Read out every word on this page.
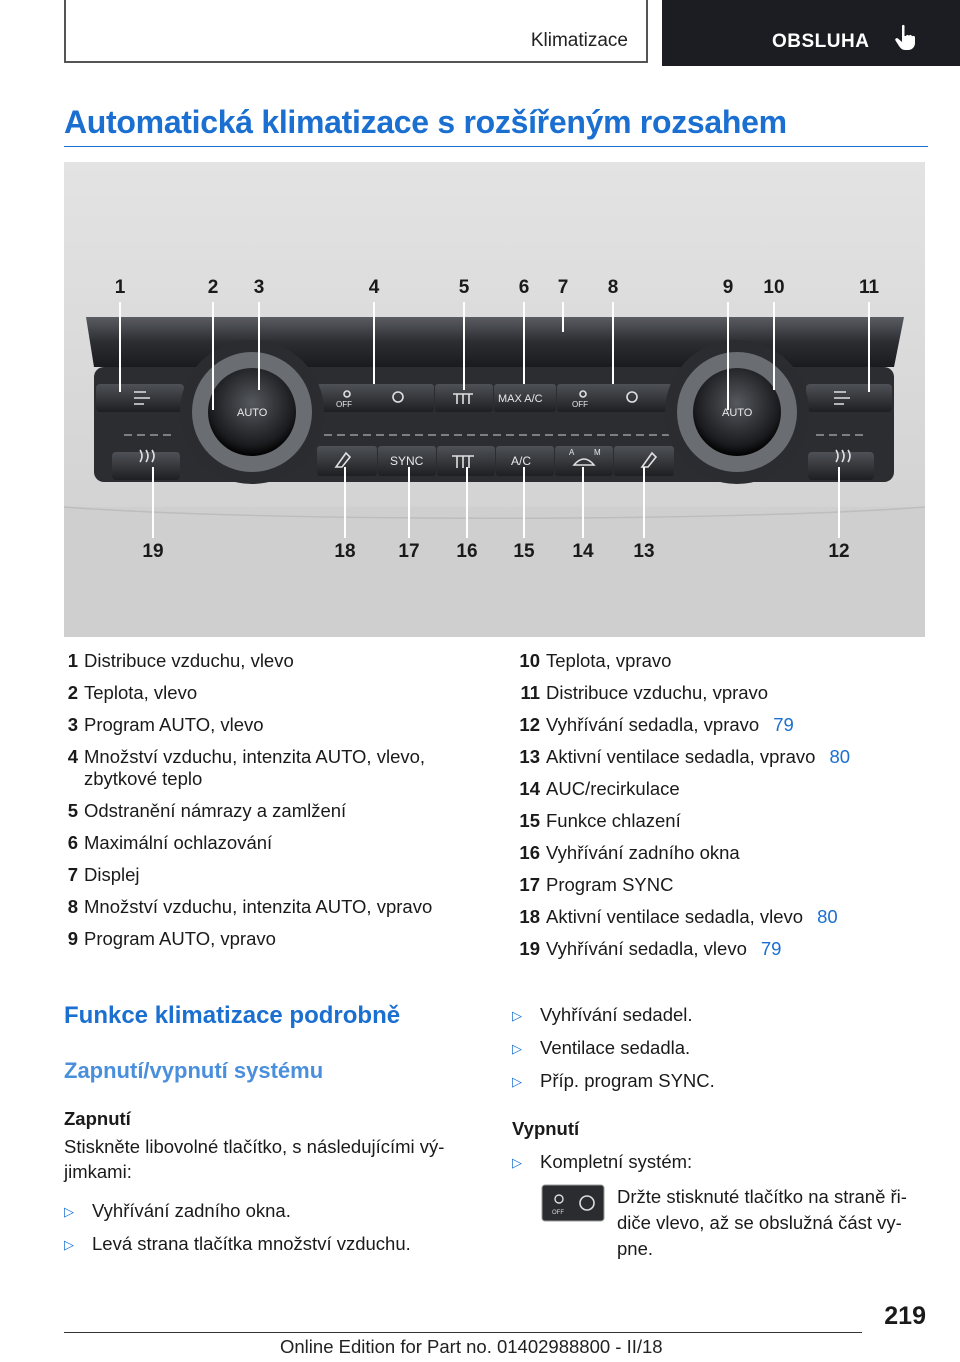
Klimatizace	OBSLUHA
Automatická klimatizace s rozšířeným rozsahem
AUTO	AUTO
OFF	OFF
MAX A/C
SYNC	A/C
A M
1	2 3	4	5	6 7 8	9 10	11
19	18 17 16 15 14 13	12
1 Distribuce vzduchu, vlevo
2 Teplota, vlevo
3 Program AUTO, vlevo
4 Množství vzduchu, intenzita AUTO, vlevo, zbytkové teplo
5 Odstranění námrazy a zamlžení
6 Maximální ochlazování
7 Displej
8 Množství vzduchu, intenzita AUTO, vpravo
9 Program AUTO, vpravo
10 Teplota, vpravo
11 Distribuce vzduchu, vpravo
12 Vyhřívání sedadla, vpravo 79
13 Aktivní ventilace sedadla, vpravo 80
14 AUC/recirkulace
15 Funkce chlazení
16 Vyhřívání zadního okna
17 Program SYNC
18 Aktivní ventilace sedadla, vlevo 80
19 Vyhřívání sedadla, vlevo 79
Funkce klimatizace podrobně
Zapnutí/vypnutí systému
Zapnutí
Stiskněte libovolné tlačítko, s následujícími vý-jimkami:
▷ Vyhřívání zadního okna.
▷ Levá strana tlačítka množství vzduchu.
▷ Vyhřívání sedadel.
▷ Ventilace sedadla.
▷ Příp. program SYNC.
Vypnutí
▷ Kompletní systém:
OFF
Držte stisknuté tlačítko na straně ři-diče vlevo, až se obslužná část vy-pne.
219
Online Edition for Part no. 01402988800 - II/18
